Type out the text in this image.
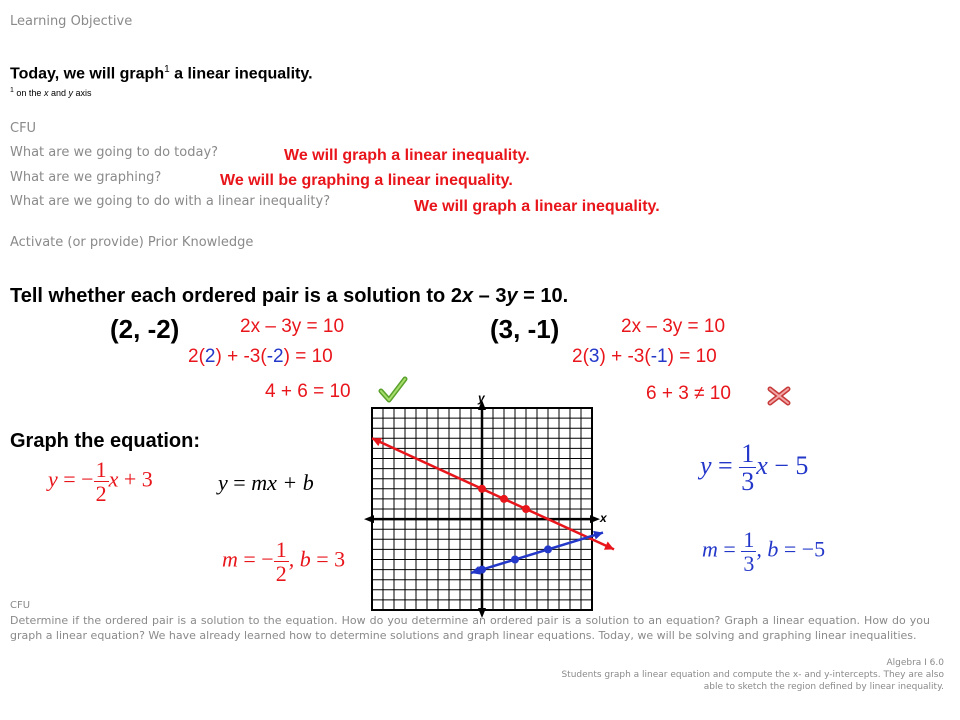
Learning Objective
Today, we will graph$^1$ a linear inequality.
$^1$ on the x and y axis
CFU
What are we going to do today?	We will graph a linear inequality.
What are we graphing?	We will be graphing a linear inequality.
What are we going to do with a linear inequality?	We will graph a linear inequality.
Activate (or provide) Prior Knowledge
Tell whether each ordered pair is a solution to 2x – 3y = 10.
(2, -2)	2x – 3y = 10
2(2) + -3(-2) = 10
4 + 6 = 10
(3, -1)	2x – 3y = 10
2(3) + -3(-1) = 10
6 + 3 ≠ 10
Graph the equation:
y = − $\frac{1}{2}$ x + 3	y = mx + b
m = − $\frac{1}{2}$ , b = 3
$y = \frac{1}{3}$ x − 5
$m = \frac{1}{3}$ , b = −5
y
x
CFU
Determine if the ordered pair is a solution to the equation. How do you determine an ordered pair is a solution to an equation? Graph a linear equation. How do you graph a linear equation? We have already learned how to determine solutions and graph linear equations. Today, we will be solving and graphing linear inequalities.
Algebra I 6.0
Students graph a linear equation and compute the x- and y-intercepts. They are also
able to sketch the region defined by linear inequality.
